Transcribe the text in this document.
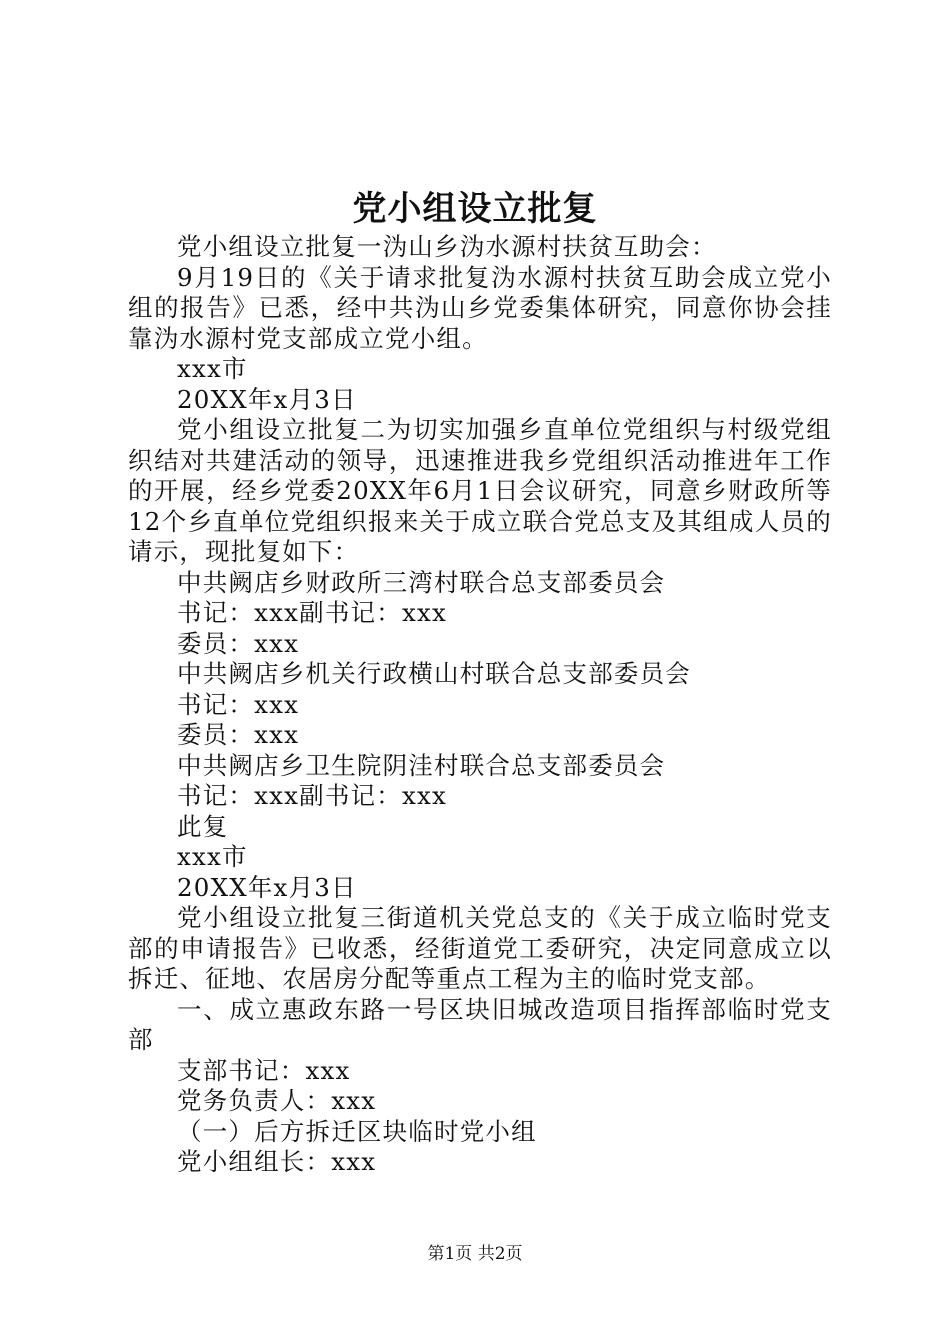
党小组设立批复

党小组设立批复一沩山乡沩水源村扶贫互助会：

9月19日的《关于请求批复沩水源村扶贫互助会成立党小组的报告》已悉，经中共沩山乡党委集体研究，同意你协会挂靠沩水源村党支部成立党小组。

xxx市

20XX年x月3日

党小组设立批复二为切实加强乡直单位党组织与村级党组织结对共建活动的领导，迅速推进我乡党组织活动推进年工作的开展，经乡党委20XX年6月1日会议研究，同意乡财政所等12个乡直单位党组织报来关于成立联合党总支及其组成人员的请示，现批复如下：

中共阙店乡财政所三湾村联合总支部委员会

书记：xxx副书记：xxx

委员：xxx

中共阙店乡机关行政横山村联合总支部委员会

书记：xxx

委员：xxx

中共阙店乡卫生院阴洼村联合总支部委员会

书记：xxx副书记：xxx

此复

xxx市

20XX年x月3日

党小组设立批复三街道机关党总支的《关于成立临时党支部的申请报告》已收悉，经街道党工委研究，决定同意成立以拆迁、征地、农居房分配等重点工程为主的临时党支部。

一、成立惠政东路一号区块旧城改造项目指挥部临时党支部

支部书记：xxx

党务负责人：xxx

（一）后方拆迁区块临时党小组

党小组组长：xxx

第1页 共2页
